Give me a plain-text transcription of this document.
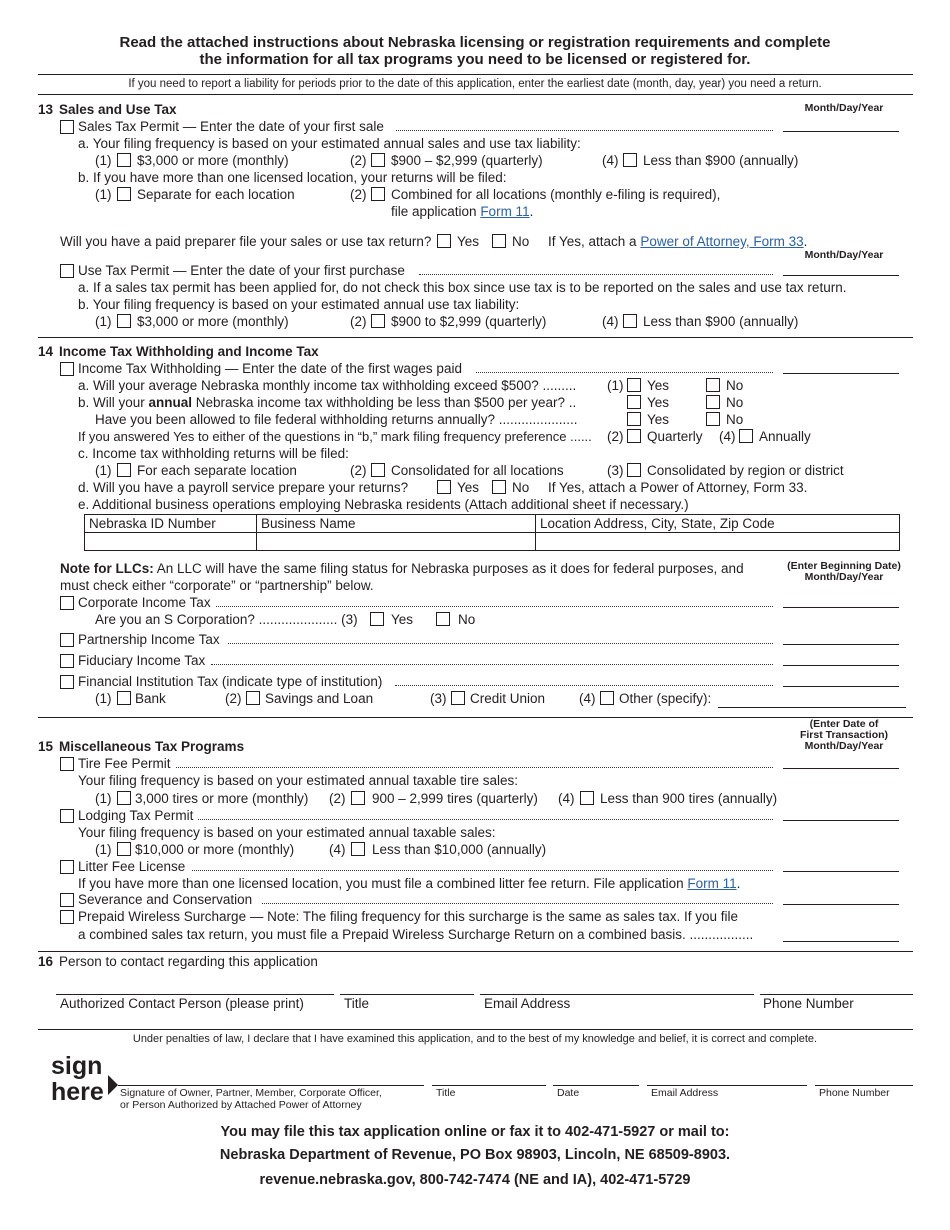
Read the attached instructions about Nebraska licensing or registration requirements and complete
the information for all tax programs you need to be licensed or registered for.
If you need to report a liability for periods prior to the date of this application, enter the earliest date (month, day, year) you need a return.
13 Sales and Use Tax	Month/Day/Year
Sales Tax Permit — Enter the date of your first sale
a. Your filing frequency is based on your estimated annual sales and use tax liability:
(1) $3,000 or more (monthly)	(2) $900 – $2,999 (quarterly)	(4) Less than $900 (annually)
b. If you have more than one licensed location, your returns will be filed:
(1) Separate for each location	(2) Combined for all locations (monthly e-filing is required),
file application Form 11.
Will you have a paid preparer file your sales or use tax return? Yes No If Yes, attach a Power of Attorney, Form 33.
Month/Day/Year
Use Tax Permit — Enter the date of your first purchase
a. If a sales tax permit has been applied for, do not check this box since use tax is to be reported on the sales and use tax return.
b. Your filing frequency is based on your estimated annual use tax liability:
(1) $3,000 or more (monthly)	(2) $900 to $2,999 (quarterly)	(4) Less than $900 (annually)
14 Income Tax Withholding and Income Tax
Income Tax Withholding — Enter the date of the first wages paid
a. Will your average Nebraska monthly income tax withholding exceed $500? ......... (1) Yes	No
b. Will your annual Nebraska income tax withholding be less than $500 per year? ..	Yes	No
Have you been allowed to file federal withholding returns annually? .....................	Yes	No
If you answered Yes to either of the questions in “b,” mark filing frequency preference ...... (2) Quarterly (4) Annually
c. Income tax withholding returns will be filed:
(1) For each separate location	(2) Consolidated for all locations	(3) Consolidated by region or district
d. Will you have a payroll service prepare your returns?	Yes No If Yes, attach a Power of Attorney, Form 33.
e. Additional business operations employing Nebraska residents (Attach additional sheet if necessary.)
Nebraska ID Number	Business Name	Location Address, City, State, Zip Code

Note for LLCs: An LLC will have the same filing status for Nebraska purposes as it does for federal purposes, and
must check either “corporate” or “partnership” below.
(Enter Beginning Date)
Month/Day/Year
Corporate Income Tax
Are you an S Corporation? ..................... (3) Yes	No
Partnership Income Tax
Fiduciary Income Tax
Financial Institution Tax (indicate type of institution)
(1) Bank	(2) Savings and Loan	(3) Credit Union	(4) Other (specify):
(Enter Date of
First Transaction)
Month/Day/Year
15 Miscellaneous Tax Programs
Tire Fee Permit
Your filing frequency is based on your estimated annual taxable tire sales:
(1) 3,000 tires or more (monthly) (2) 900 – 2,999 tires (quarterly) (4) Less than 900 tires (annually)
Lodging Tax Permit
Your filing frequency is based on your estimated annual taxable sales:
(1) $10,000 or more (monthly)	(4) Less than $10,000 (annually)
Litter Fee License
If you have more than one licensed location, you must file a combined litter fee return. File application Form 11.
Severance and Conservation
Prepaid Wireless Surcharge — Note: The filing frequency for this surcharge is the same as sales tax. If you file
a combined sales tax return, you must file a Prepaid Wireless Surcharge Return on a combined basis. .................
16 Person to contact regarding this application
Authorized Contact Person (please print)	Title	Email Address	Phone Number
Under penalties of law, I declare that I have examined this application, and to the best of my knowledge and belief, it is correct and complete.
sign
here Signature of Owner, Partner, Member, Corporate Officer,
or Person Authorized by Attached Power of Attorney
Title	Date	Email Address	Phone Number
You may file this tax application online or fax it to 402-471-5927 or mail to:
Nebraska Department of Revenue, PO Box 98903, Lincoln, NE 68509-8903.
revenue.nebraska.gov, 800-742-7474 (NE and IA), 402-471-5729
